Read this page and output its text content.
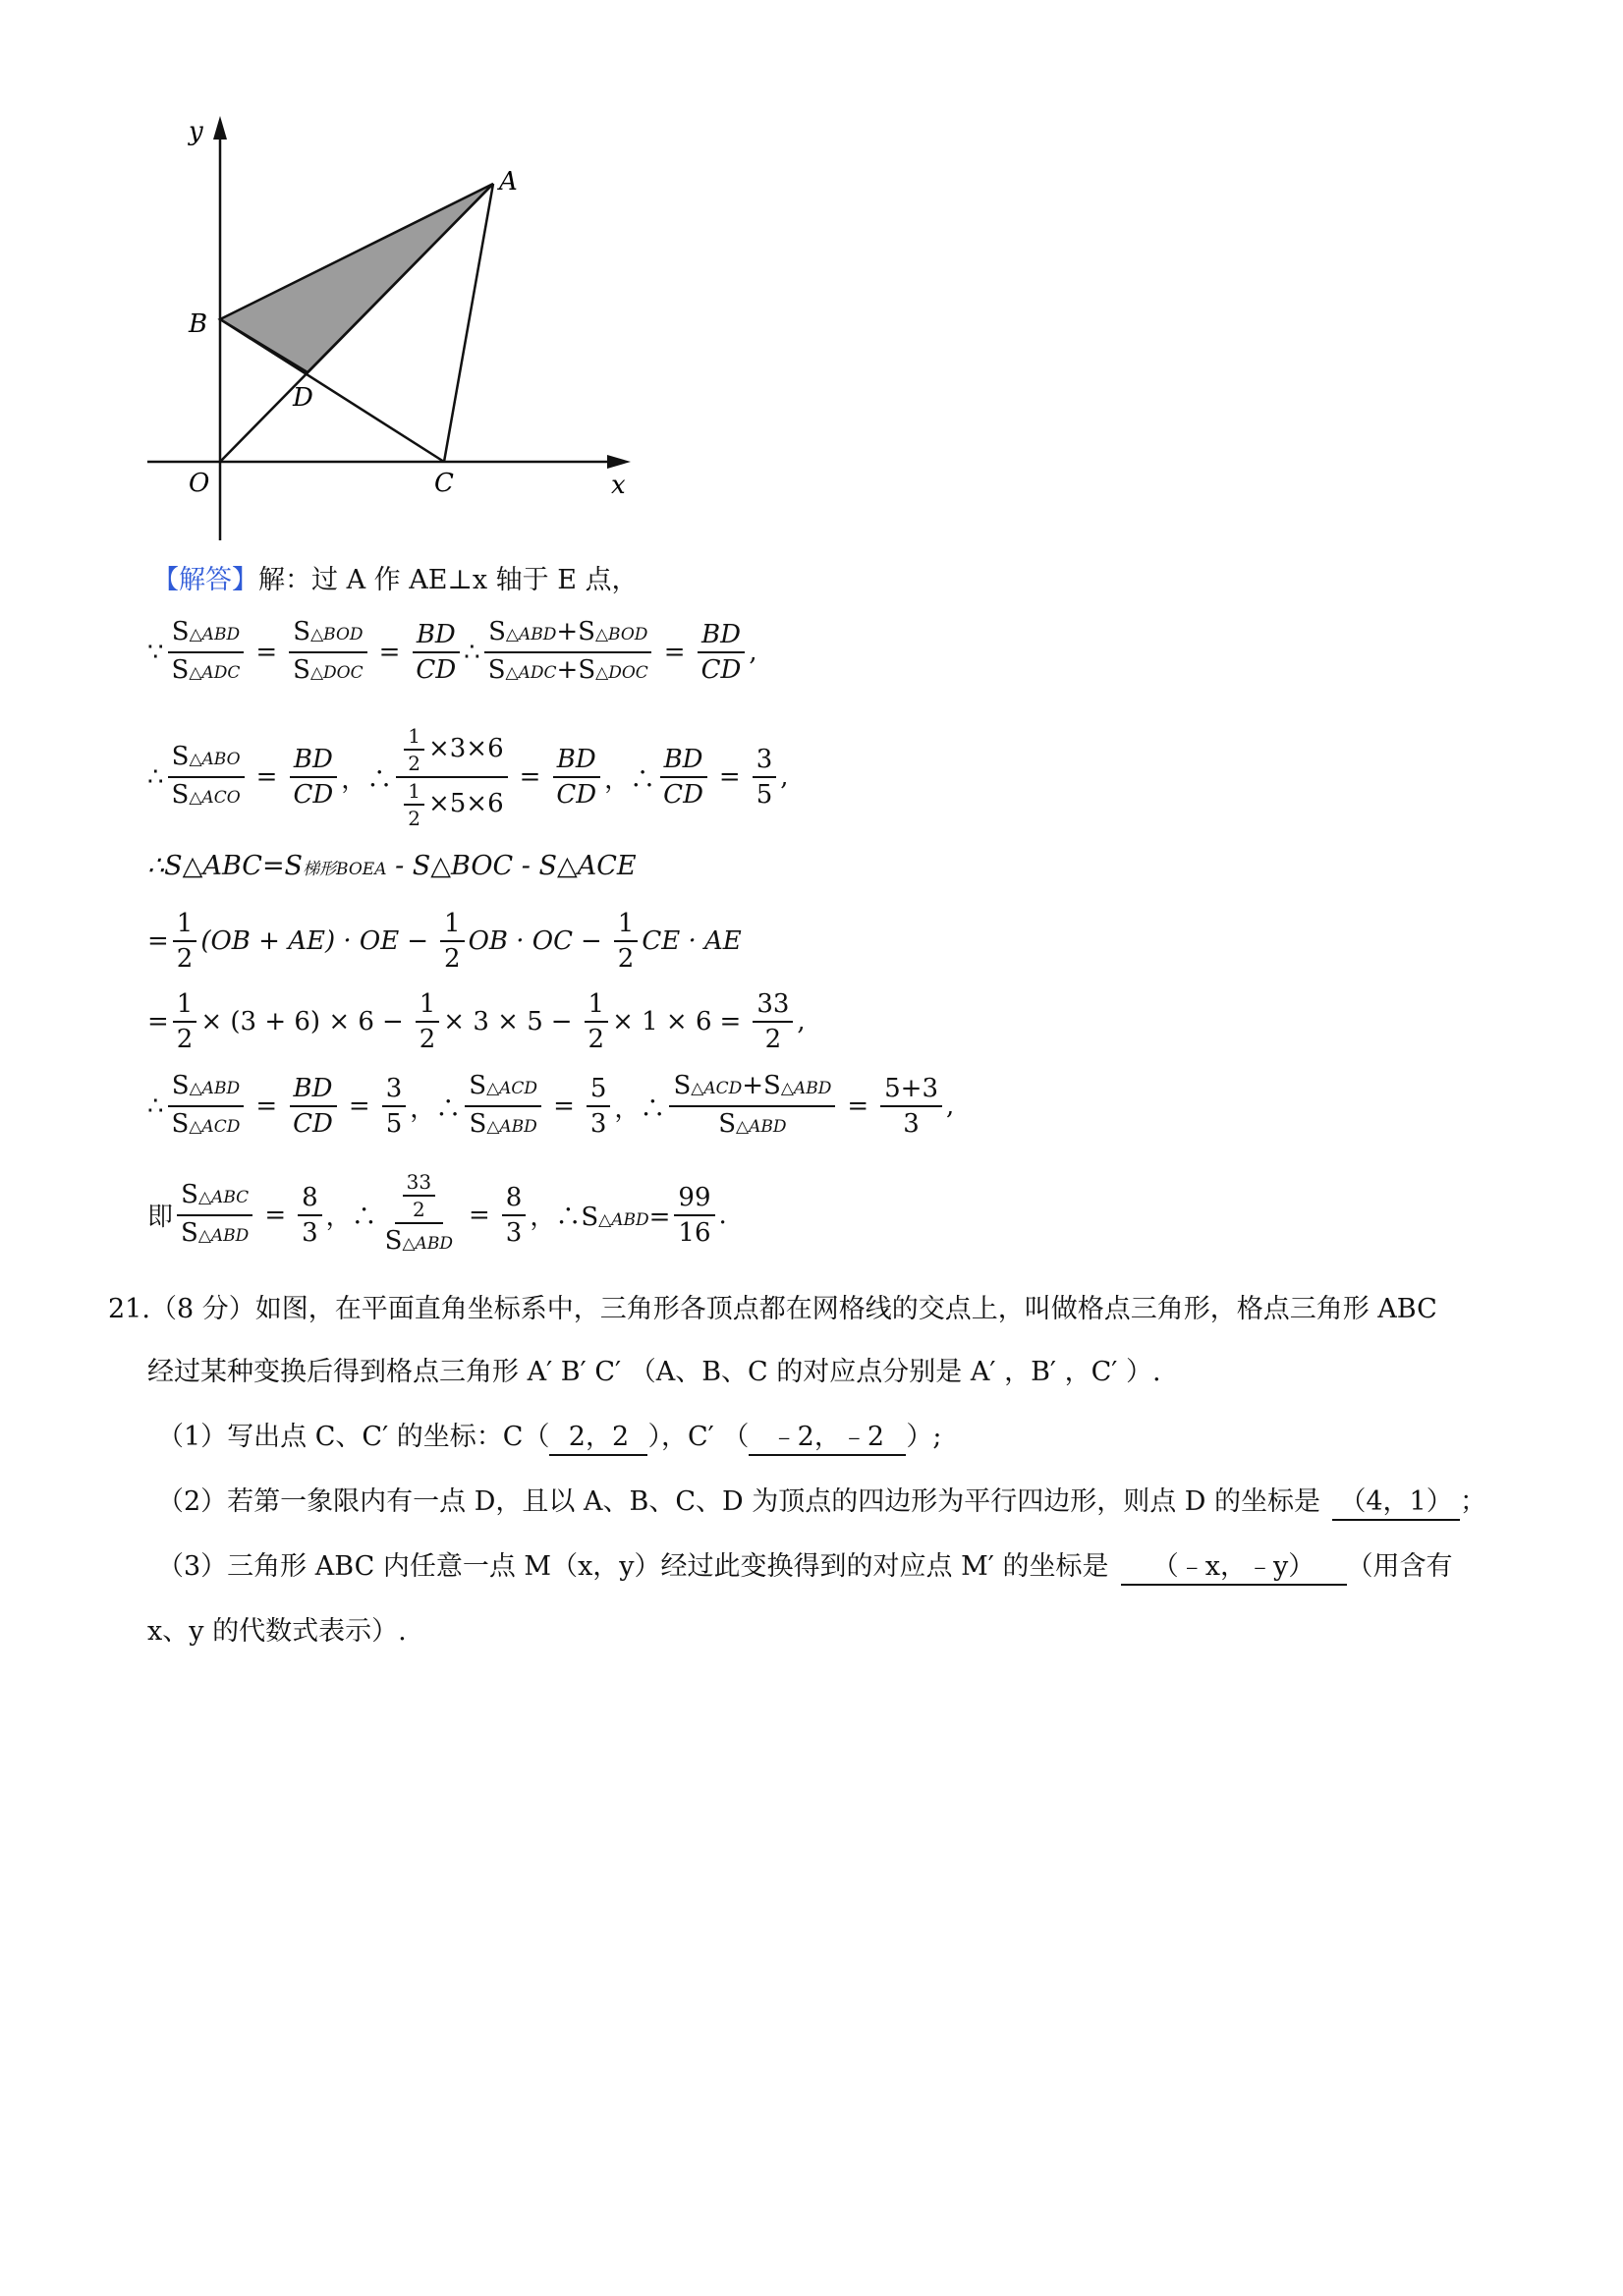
y
A
B
D
O	C	x
【解答】解：过 A 作 AE⊥x 轴于 E 点，
∵ $\frac{\text{S△ABD}}{\text{S△ADC}} = \frac{\text{S△BOD}}{\text{S△DOC}} = \frac{BD}{CD}$ ∴ $\frac{\text{S△ABD+S△BOD}}{\text{S△ADC+S△DOC}} = \frac{BD}{CD}$ ,
∴ $\frac{\text{S△ABO}}{\text{S△ACO}} = \frac{BD}{CD}$ ，∴ $\frac{\frac{1}{2} \times 3\times 6}{\frac{1}{2} \times 5\times 6} = \frac{BD}{CD}$ ，∴ $\frac{BD}{CD} = \frac{3}{5}$ ,
∴S△ABC=S梯形BOEA - S△BOC - S△ACE
= $\frac{1}{2} (OB + AE)$ · OE − $\frac{1}{2}$ OB · OC − $\frac{1}{2}$ CE · AE
= $\frac{1}{2} \times (3 + 6) \times 6 - \frac{1}{2} \times 3 \times 5 - \frac{1}{2} \times 1 \times 6 = \frac{33}{2}$ ,
∴ $\frac{\text{S△ABD}}{\text{S△ACD}} = \frac{BD}{CD} = \frac{3}{5}$ ，∴ $\frac{\text{S△ACD}}{\text{S△ABD}} = \frac{5}{3}$ ，∴ $\frac{\text{S△ACD+S△ABD}}{\text{S△ABD}} = \frac{5+3}{3}$ ,
即 $\frac{\text{S△ABC}}{\text{S△ABD}} = \frac{8}{3}$ ，∴ $\frac{\frac{33}{2}}{\text{S△ABD}} = \frac{8}{3}$ ，∴S△ABD= $\frac{99}{16}$ .
21.（8 分）如图，在平面直角坐标系中，三角形各顶点都在网格线的交点上，叫做格点三角形，格点三角形 ABC
经过某种变换后得到格点三角形 A′ B′ C′ （A、B、C 的对应点分别是 A′ ，B′ ，C′ ）.
（1）写出点 C、C′ 的坐标：C（ 2，2 ），C′ （ ﹣2，﹣2 ）;
（2）若第一象限内有一点 D，且以 A、B、C、D 为顶点的四边形为平行四边形，则点 D 的坐标是 （4，1） ；
（3）三角形 ABC 内任意一点 M（x，y）经过此变换得到的对应点 M′ 的坐标是 （﹣x，﹣y） （用含有
x、y 的代数式表示）.
